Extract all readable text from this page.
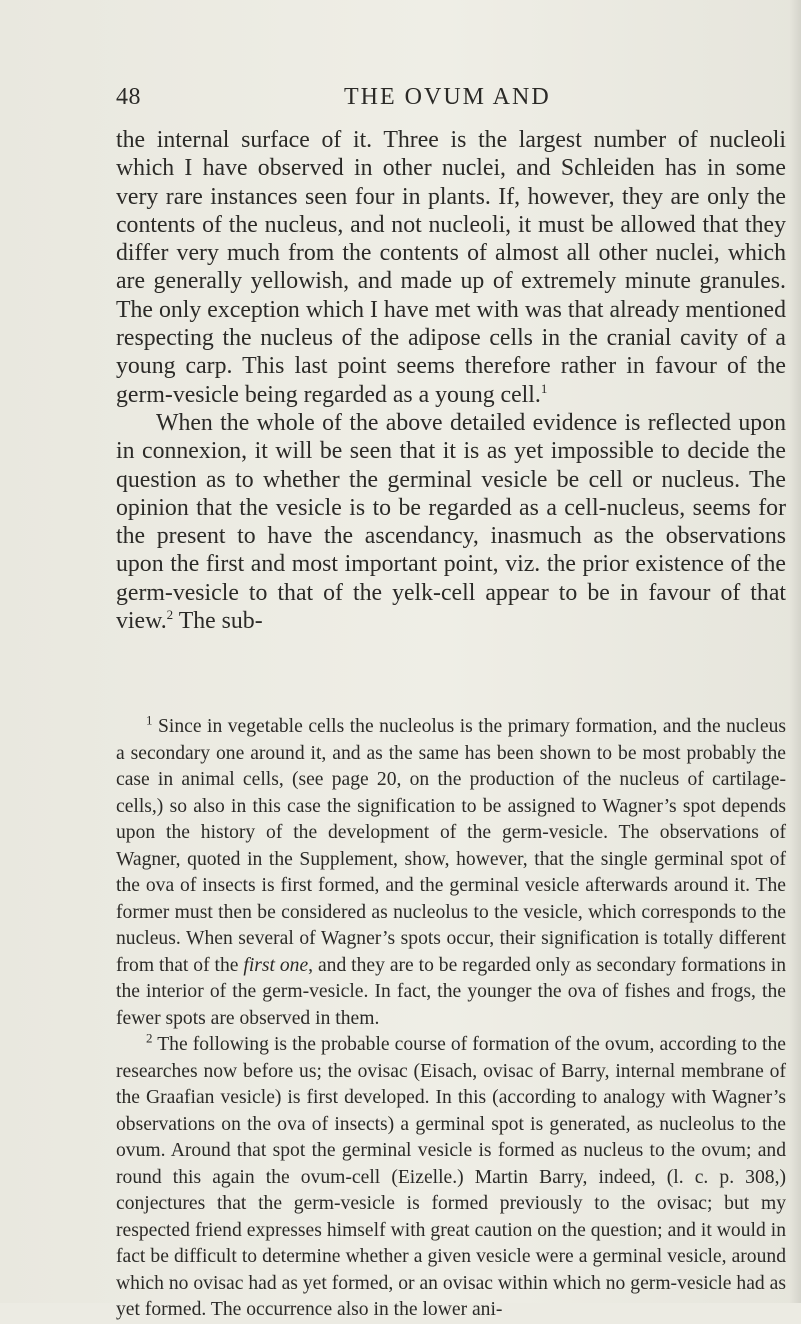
48	THE OVUM AND

the internal surface of it. Three is the largest number of nucleoli which I have observed in other nuclei, and Schleiden has in some very rare instances seen four in plants. If, however, they are only the contents of the nucleus, and not nucleoli, it must be allowed that they differ very much from the contents of almost all other nuclei, which are generally yellowish, and made up of extremely minute granules. The only exception which I have met with was that already mentioned respecting the nucleus of the adipose cells in the cranial cavity of a young carp. This last point seems therefore rather in favour of the germ-vesicle being regarded as a young cell.$^1$

When the whole of the above detailed evidence is reflected upon in connexion, it will be seen that it is as yet impossible to decide the question as to whether the germinal vesicle be cell or nucleus. The opinion that the vesicle is to be regarded as a cell-nucleus, seems for the present to have the ascendancy, inasmuch as the observations upon the first and most important point, viz. the prior existence of the germ-vesicle to that of the yelk-cell appear to be in favour of that view.$^2$ The sub-

$^1$ Since in vegetable cells the nucleolus is the primary formation, and the nucleus a secondary one around it, and as the same has been shown to be most probably the case in animal cells, (see page 20, on the production of the nucleus of cartilage-cells,) so also in this case the signification to be assigned to Wagner’s spot depends upon the history of the development of the germ-vesicle. The observations of Wagner, quoted in the Supplement, show, however, that the single germinal spot of the ova of insects is first formed, and the germinal vesicle afterwards around it. The former must then be considered as nucleolus to the vesicle, which corresponds to the nucleus. When several of Wagner’s spots occur, their signification is totally different from that of the first one, and they are to be regarded only as secondary formations in the interior of the germ-vesicle. In fact, the younger the ova of fishes and frogs, the fewer spots are observed in them.

$^2$ The following is the probable course of formation of the ovum, according to the researches now before us; the ovisac (Eisach, ovisac of Barry, internal membrane of the Graafian vesicle) is first developed. In this (according to analogy with Wagner’s observations on the ova of insects) a germinal spot is generated, as nucleolus to the ovum. Around that spot the germinal vesicle is formed as nucleus to the ovum; and round this again the ovum-cell (Eizelle.) Martin Barry, indeed, (l. c. p. 308,) conjectures that the germ-vesicle is formed previously to the ovisac; but my respected friend expresses himself with great caution on the question; and it would in fact be difficult to determine whether a given vesicle were a germinal vesicle, around which no ovisac had as yet formed, or an ovisac within which no germ-vesicle had as yet formed. The occurrence also in the lower ani-
